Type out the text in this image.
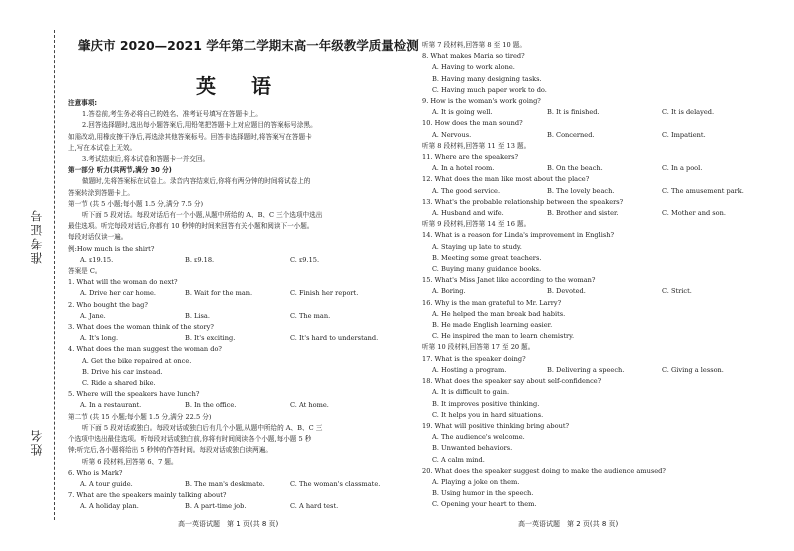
准考证号
姓名
肇庆市 2020—2021 学年第二学期末高一年级教学质量检测
英 语
注意事项:
1.答卷前,考生务必将自己的姓名、准考证号填写在答题卡上。
2.回答选择题时,选出每小题答案后,用铅笔把答题卡上对应题目的答案标号涂黑。
如需改动,用橡皮擦干净后,再选涂其他答案标号。回答非选择题时,将答案写在答题卡
上,写在本试卷上无效。
3.考试结束后,将本试卷和答题卡一并交回。
第一部分 听力(共两节,满分 30 分)
做题时,先将答案标在试卷上。录音内容结束后,你将有两分钟的时间将试卷上的
答案转涂到答题卡上。
第一节 (共 5 小题;每小题 1.5 分,满分 7.5 分)
听下面 5 段对话。每段对话后有一个小题,从题中所给的 A、B、C 三个选项中选出
最佳选项。听完每段对话后,你都有 10 秒钟的时间来回答有关小题和阅读下一小题。
每段对话仅读一遍。
例:How much is the shirt?
A. ₤19.15.	B. ₤9.18.	C. ₤9.15.
答案是 C。
1. What will the woman do next?
A. Drive her car home.	B. Wait for the man.	C. Finish her report.
2. Who bought the bag?
A. Jane.	B. Lisa.	C. The man.
3. What does the woman think of the story?
A. It's long.	B. It's exciting.	C. It's hard to understand.
4. What does the man suggest the woman do?
A. Get the bike repaired at once.
B. Drive his car instead.
C. Ride a shared bike.
5. Where will the speakers have lunch?
A. In a restaurant.	B. In the office.	C. At home.
第二节 (共 15 小题;每小题 1.5 分,满分 22.5 分)
听下面 5 段对话或独白。每段对话或独白后有几个小题,从题中所给的 A、B、C 三
个选项中选出最佳选项。听每段对话或独白前,你将有时间阅读各个小题,每小题 5 秒
钟;听完后,各小题将给出 5 秒钟的作答时间。每段对话或独白读两遍。
听第 6 段材料,回答第 6、7 题。
6. Who is Mark?
A. A tour guide.	B. The man's deskmate.	C. The woman's classmate.
7. What are the speakers mainly talking about?
A. A holiday plan.	B. A part-time job.	C. A hard test.
高一英语试题　第 1 页(共 8 页)
听第 7 段材料,回答第 8 至 10 题。
8. What makes Maria so tired?
A. Having to work alone.
B. Having many designing tasks.
C. Having much paper work to do.
9. How is the woman's work going?
A. It is going well.	B. It is finished.	C. It is delayed.
10. How does the man sound?
A. Nervous.	B. Concerned.	C. Impatient.
听第 8 段材料,回答第 11 至 13 题。
11. Where are the speakers?
A. In a hotel room.	B. On the beach.	C. In a pool.
12. What does the man like most about the place?
A. The good service.	B. The lovely beach.	C. The amusement park.
13. What's the probable relationship between the speakers?
A. Husband and wife.	B. Brother and sister.	C. Mother and son.
听第 9 段材料,回答第 14 至 16 题。
14. What is a reason for Linda's improvement in English?
A. Staying up late to study.
B. Meeting some great teachers.
C. Buying many guidance books.
15. What's Miss Janet like according to the woman?
A. Boring.	B. Devoted.	C. Strict.
16. Why is the man grateful to Mr. Larry?
A. He helped the man break bad habits.
B. He made English learning easier.
C. He inspired the man to learn chemistry.
听第 10 段材料,回答第 17 至 20 题。
17. What is the speaker doing?
A. Hosting a program.	B. Delivering a speech.	C. Giving a lesson.
18. What does the speaker say about self-confidence?
A. It is difficult to gain.
B. It improves positive thinking.
C. It helps you in hard situations.
19. What will positive thinking bring about?
A. The audience's welcome.
B. Unwanted behaviors.
C. A calm mind.
20. What does the speaker suggest doing to make the audience amused?
A. Playing a joke on them.
B. Using humor in the speech.
C. Opening your heart to them.
高一英语试题　第 2 页(共 8 页)
